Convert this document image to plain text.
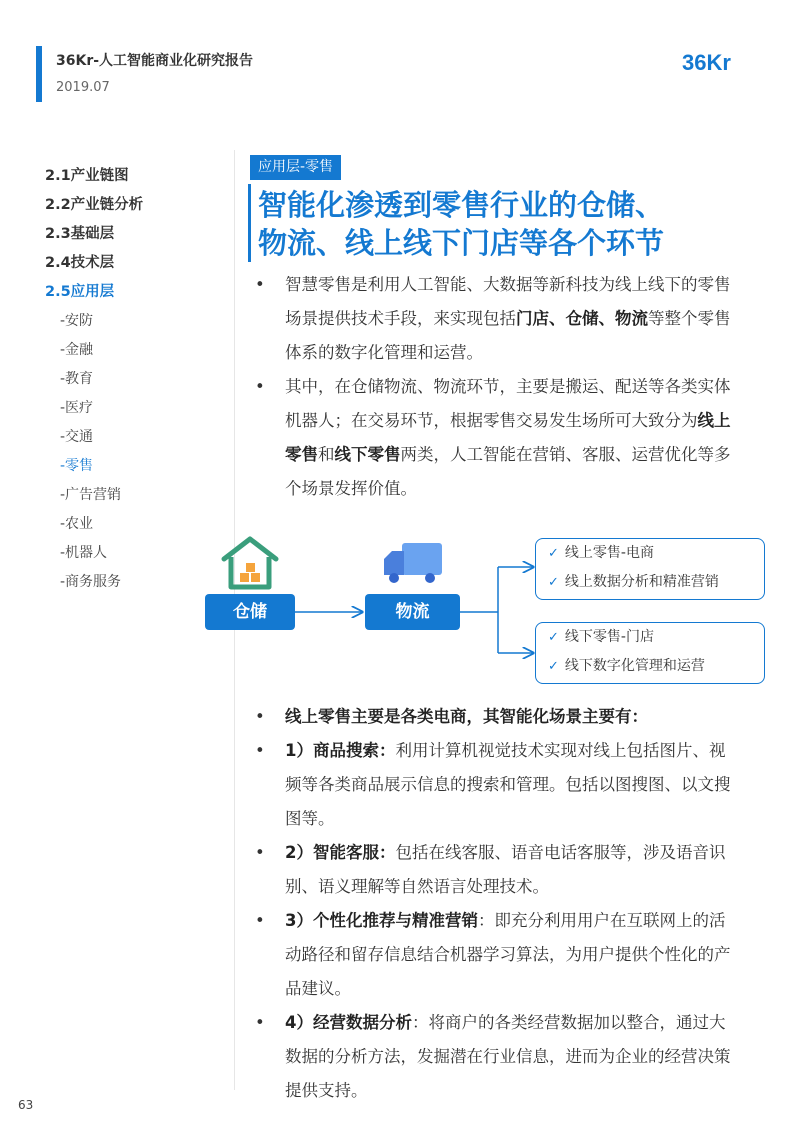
36Kr-人工智能商业化研究报告
2019.07
36Kr
2.1产业链图
2.2产业链分析
2.3基础层
2.4技术层
2.5应用层
-安防
-金融
-教育
-医疗
-交通
-零售
-广告营销
-农业
-机器人
-商务服务
应用层-零售
智能化渗透到零售行业的仓储、
物流、线上线下门店等各个环节
• 智慧零售是利用人工智能、大数据等新科技为线上线下的零售场景提供技术手段，来实现包括门店、仓储、物流等整个零售体系的数字化管理和运营。
• 其中，在仓储物流、物流环节，主要是搬运、配送等各类实体机器人；在交易环节，根据零售交易发生场所可大致分为线上零售和线下零售两类，人工智能在营销、客服、运营优化等多个场景发挥价值。
仓储	物流
✓ 线上零售-电商
✓ 线上数据分析和精准营销
✓ 线下零售-门店
✓ 线下数字化管理和运营
• 线上零售主要是各类电商，其智能化场景主要有：
• 1）商品搜索：利用计算机视觉技术实现对线上包括图片、视频等各类商品展示信息的搜索和管理。包括以图搜图、以文搜图等。
• 2）智能客服：包括在线客服、语音电话客服等，涉及语音识别、语义理解等自然语言处理技术。
• 3）个性化推荐与精准营销：即充分利用用户在互联网上的活动路径和留存信息结合机器学习算法，为用户提供个性化的产品建议。
• 4）经营数据分析：将商户的各类经营数据加以整合，通过大数据的分析方法，发掘潜在行业信息，进而为企业的经营决策提供支持。
63
